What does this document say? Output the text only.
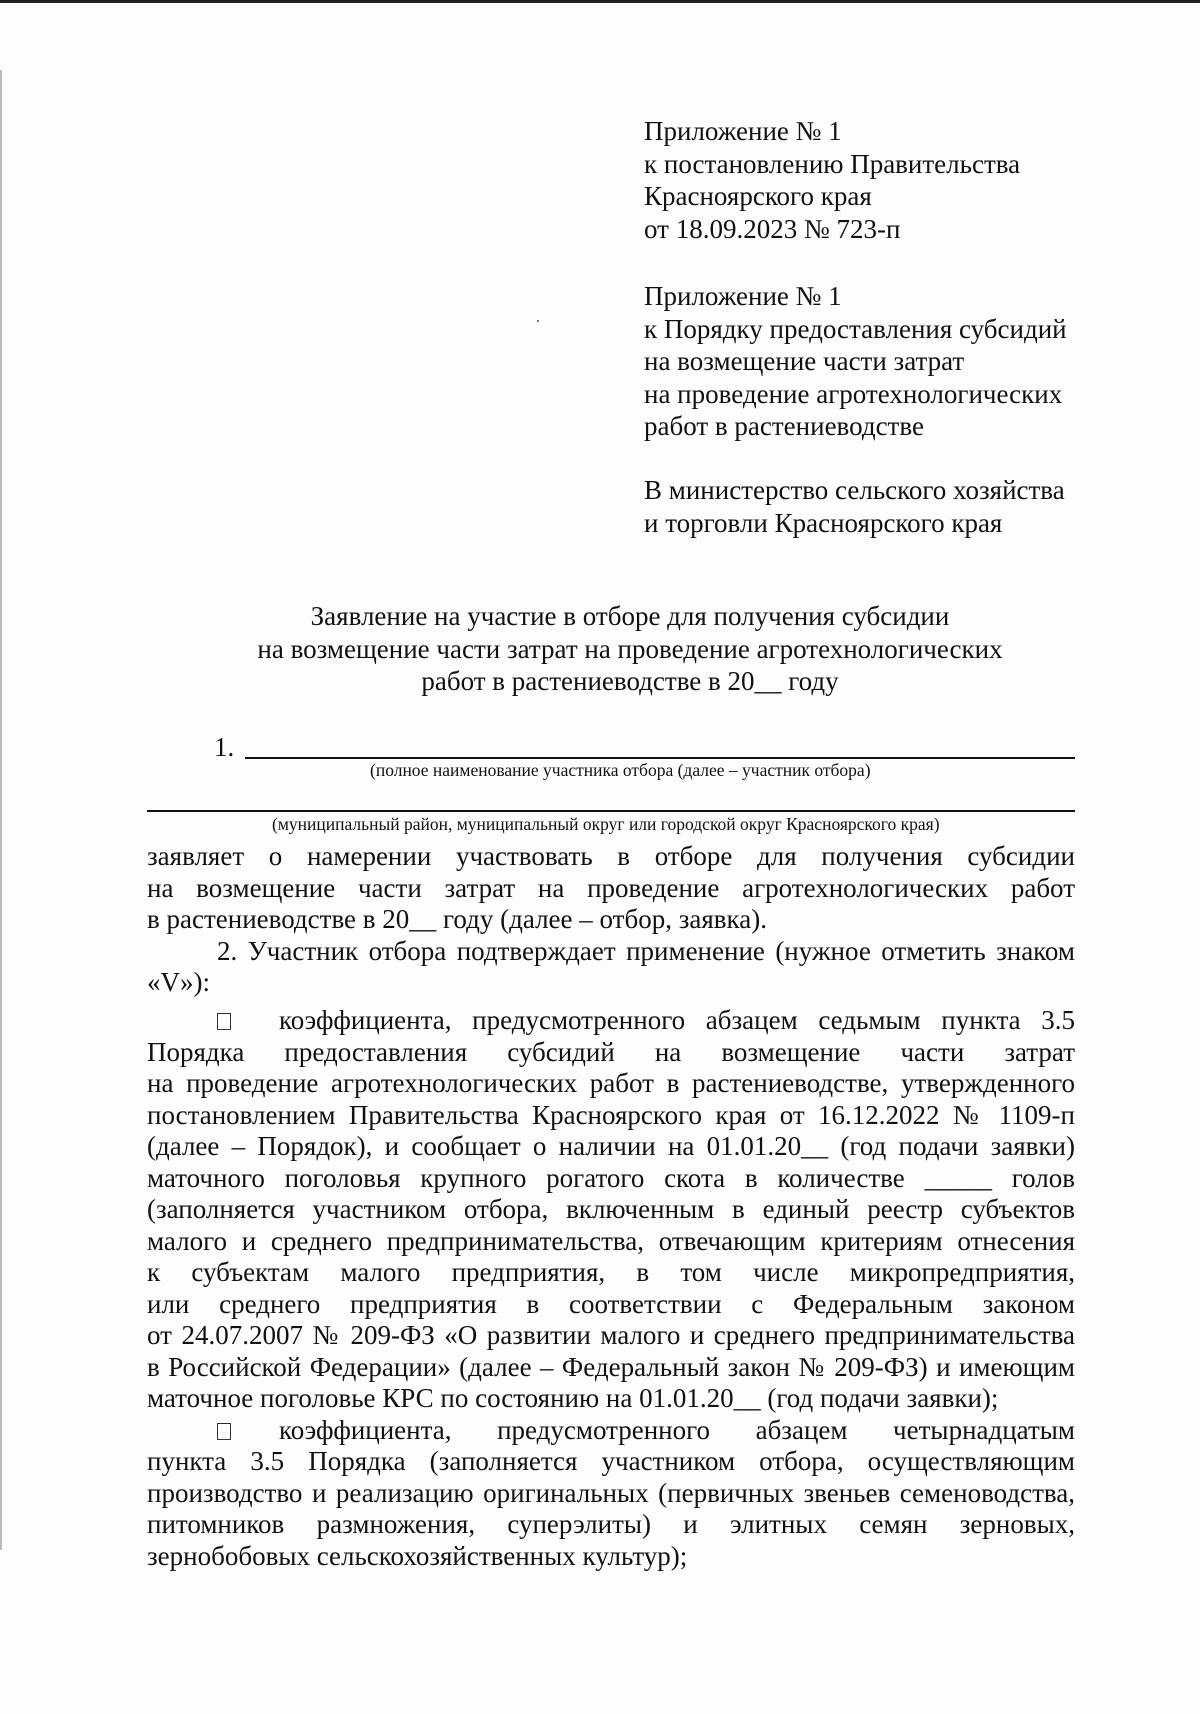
Приложение № 1
к постановлению Правительства
Красноярского края
от 18.09.2023 № 723-п
Приложение № 1
к Порядку предоставления субсидий
на возмещение части затрат
на проведение агротехнологических
работ в растениеводстве
В министерство сельского хозяйства
и торговли Красноярского края
Заявление на участие в отборе для получения субсидии
на возмещение части затрат на проведение агротехнологических
работ в растениеводстве в 20__ году
1.
(полное наименование участника отбора (далее – участник отбора)
(муниципальный район, муниципальный округ или городской округ Красноярского края)
заявляет о намерении участвовать в отборе для получения субсидии
на возмещение части затрат на проведение агротехнологических работ
в растениеводстве в 20__ году (далее – отбор, заявка).
2. Участник отбора подтверждает применение (нужное отметить знаком
«V»):
коэффициента, предусмотренного абзацем седьмым пункта 3.5
Порядка предоставления субсидий на возмещение части затрат
на проведение агротехнологических работ в растениеводстве, утвержденного
постановлением Правительства Красноярского края от 16.12.2022 № 1109-п
(далее – Порядок), и сообщает о наличии на 01.01.20__ (год подачи заявки)
маточного поголовья крупного рогатого скота в количестве _____ голов
(заполняется участником отбора, включенным в единый реестр субъектов
малого и среднего предпринимательства, отвечающим критериям отнесения
к субъектам малого предприятия, в том числе микропредприятия,
или среднего предприятия в соответствии с Федеральным законом
от 24.07.2007 № 209-ФЗ «О развитии малого и среднего предпринимательства
в Российской Федерации» (далее – Федеральный закон № 209-ФЗ) и имеющим
маточное поголовье КРС по состоянию на 01.01.20__ (год подачи заявки);
коэффициента, предусмотренного абзацем четырнадцатым
пункта 3.5 Порядка (заполняется участником отбора, осуществляющим
производство и реализацию оригинальных (первичных звеньев семеноводства,
питомников размножения, суперэлиты) и элитных семян зерновых,
зернобобовых сельскохозяйственных культур);
